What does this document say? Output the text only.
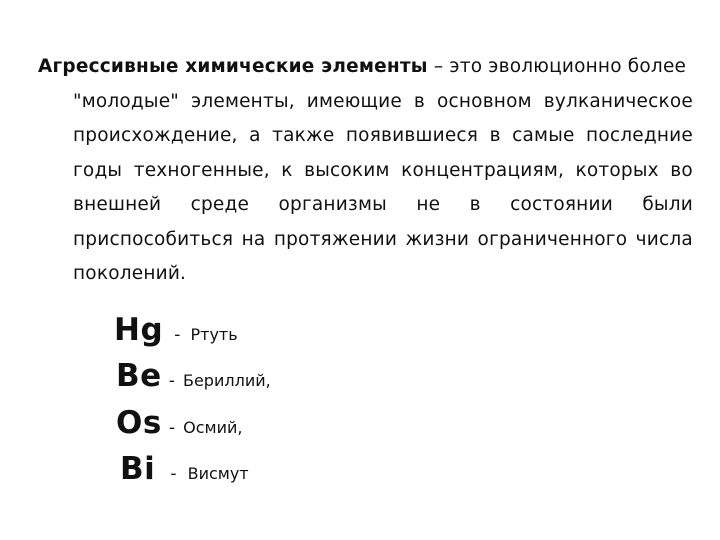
Агрессивные химические элементы – это эволюционно более
"молодые" элементы, имеющие в основном вулканическое
происхождение, а также появившиеся в самые последние
годы техногенные, к высоким концентрациям, которых во
внешней среде организмы не в состоянии были
приспособиться на протяжении жизни ограниченного числа
поколений.
Hg - Ртуть
Be - Бериллий,
Os - Осмий,
Bi - Висмут
